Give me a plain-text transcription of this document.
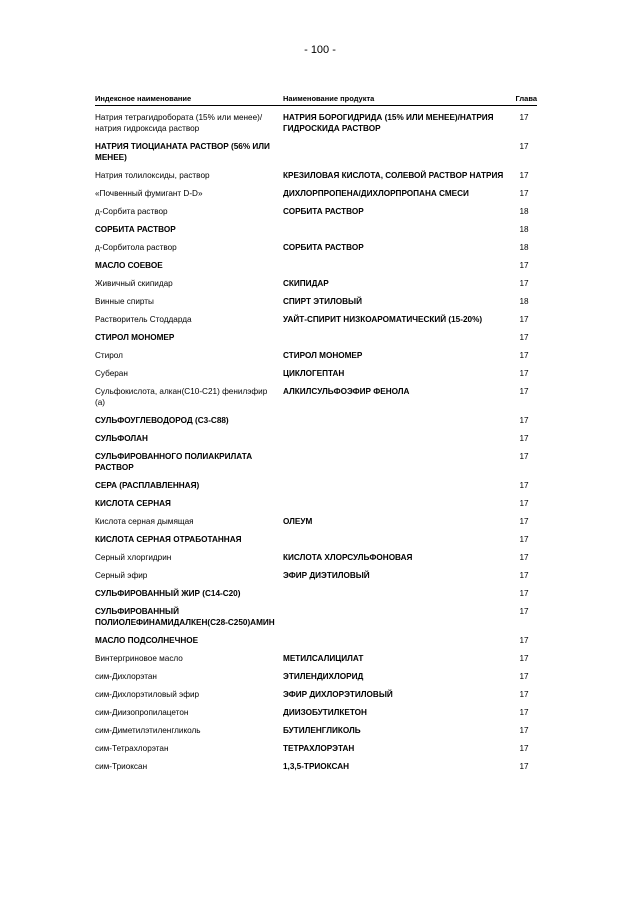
- 100 -
Индексное наименование	Наименование продукта	Глава
Натрия тетрагидробората (15% или менее)/натрия гидроксида раствор	НАТРИЯ БОРОГИДРИДА (15% ИЛИ МЕНЕЕ)/НАТРИЯ ГИДРОСКИДА РАСТВОР	17
НАТРИЯ ТИОЦИАНАТА РАСТВОР (56% ИЛИ МЕНЕЕ)		17
Натрия толилоксиды, раствор	КРЕЗИЛОВАЯ КИСЛОТА, СОЛЕВОЙ РАСТВОР НАТРИЯ	17
«Почвенный фумигант D-D»	ДИХЛОРПРОПЕНА/ДИХЛОРПРОПАНА СМЕСИ	17
д-Сорбита раствор	СОРБИТА РАСТВОР	18
СОРБИТА РАСТВОР		18
д-Сорбитола раствор	СОРБИТА РАСТВОР	18
МАСЛО СОЕВОЕ		17
Живичный скипидар	СКИПИДАР	17
Винные спирты	СПИРТ ЭТИЛОВЫЙ	18
Растворитель Стоддарда	УАЙТ-СПИРИТ НИЗКОАРОМАТИЧЕСКИЙ (15-20%)	17
СТИРОЛ МОНОМЕР		17
Стирол	СТИРОЛ МОНОМЕР	17
Суберан	ЦИКЛОГЕПТАН	17
Сульфокислота, алкан(С10-С21) фенилэфир (а)	АЛКИЛСУЛЬФОЭФИР ФЕНОЛА	17
СУЛЬФОУГЛЕВОДОРОД (С3-С88)		17
СУЛЬФОЛАН		17
СУЛЬФИРОВАННОГО ПОЛИАКРИЛАТА РАСТВОР		17
СЕРА (РАСПЛАВЛЕННАЯ)		17
КИСЛОТА СЕРНАЯ		17
Кислота серная дымящая	ОЛЕУМ	17
КИСЛОТА СЕРНАЯ ОТРАБОТАННАЯ		17
Серный хлоргидрин	КИСЛОТА ХЛОРСУЛЬФОНОВАЯ	17
Серный эфир	ЭФИР ДИЭТИЛОВЫЙ	17
СУЛЬФИРОВАННЫЙ ЖИР (С14-С20)		17
СУЛЬФИРОВАННЫЙ ПОЛИОЛЕФИНАМИДАЛКЕН(С28-С250)АМИН		17
МАСЛО ПОДСОЛНЕЧНОЕ		17
Винтергриновое масло	МЕТИЛСАЛИЦИЛАТ	17
сим-Дихлорэтан	ЭТИЛЕНДИХЛОРИД	17
сим-Дихлорэтиловый эфир	ЭФИР ДИХЛОРЭТИЛОВЫЙ	17
сим-Диизопропилацетон	ДИИЗОБУТИЛКЕТОН	17
сим-Диметилэтиленгликоль	БУТИЛЕНГЛИКОЛЬ	17
сим-Тетрахлорэтан	ТЕТРАХЛОРЭТАН	17
сим-Триоксан	1,3,5-ТРИОКСАН	17
